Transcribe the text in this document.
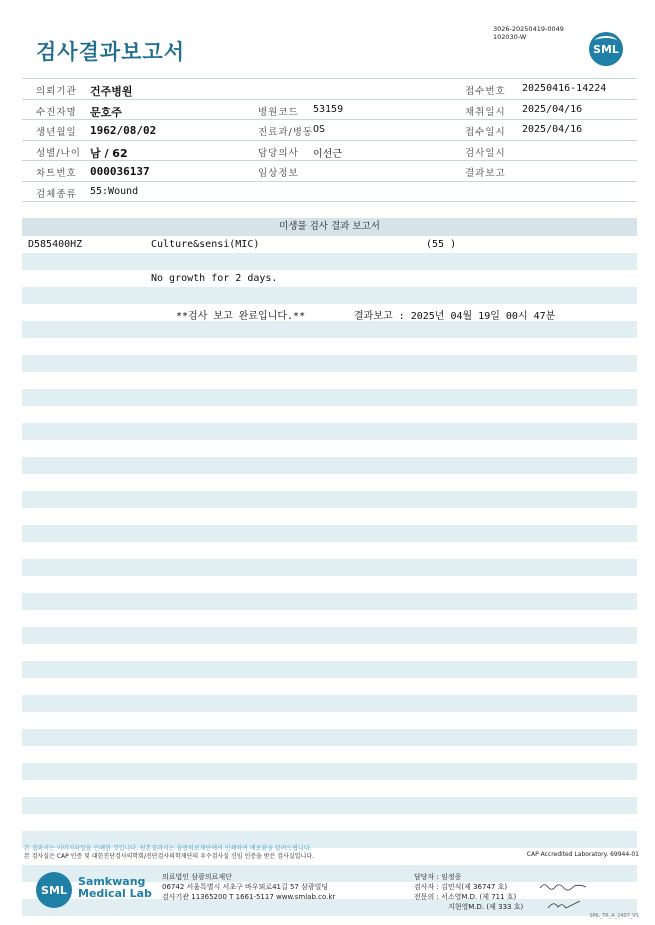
3026-20250419-0049
102030-W
검사결과보고서	SML
의뢰기관 건주병원	접수번호 20250416-14224
수진자명 문호주	병원코드 53159	채취일시 2025/04/16
생년월일 1962/08/02	진료과/병동 OS	접수일시 2025/04/16
성별/나이 남 / 62	담당의사 이선근	검사일시
차트번호 000036137	임상정보	결과보고
검체종류 55:Wound
미생물 검사 결과 보고서
D585400HZ	Culture&sensi(MIC)	(55 )
No growth for 2 days.
**검사 보고 완료입니다.**	결과보고 : 2025년 04월 19일 00시 47분
본 결과지는 이미지파일을 인쇄한 것입니다. 원본결과지는 삼광의료재단에서 인쇄하여 배포됨을 알려드립니다.
본 검사실은 CAP 인증 및 대한진단검사의학회/진단검사의학재단의 우수검사실 신임 인증을 받은 검사실입니다.	CAP Accredited Laboratory. 69944-01
SML
Samkwang
Medical Lab
의료법인 삼광의료재단
06742 서울특별시 서초구 바우뫼로41길 57 삼광빌딩
검사기관 11365200 T 1661-5117 www.smlab.co.kr
담당자 : 임정웅
검사자 : 김민식(제 36747 호)
전문의 : 서소영M.D. (제 711 호)
지현영M.D. (제 333 호)
SML_TR_A_2407_V1
